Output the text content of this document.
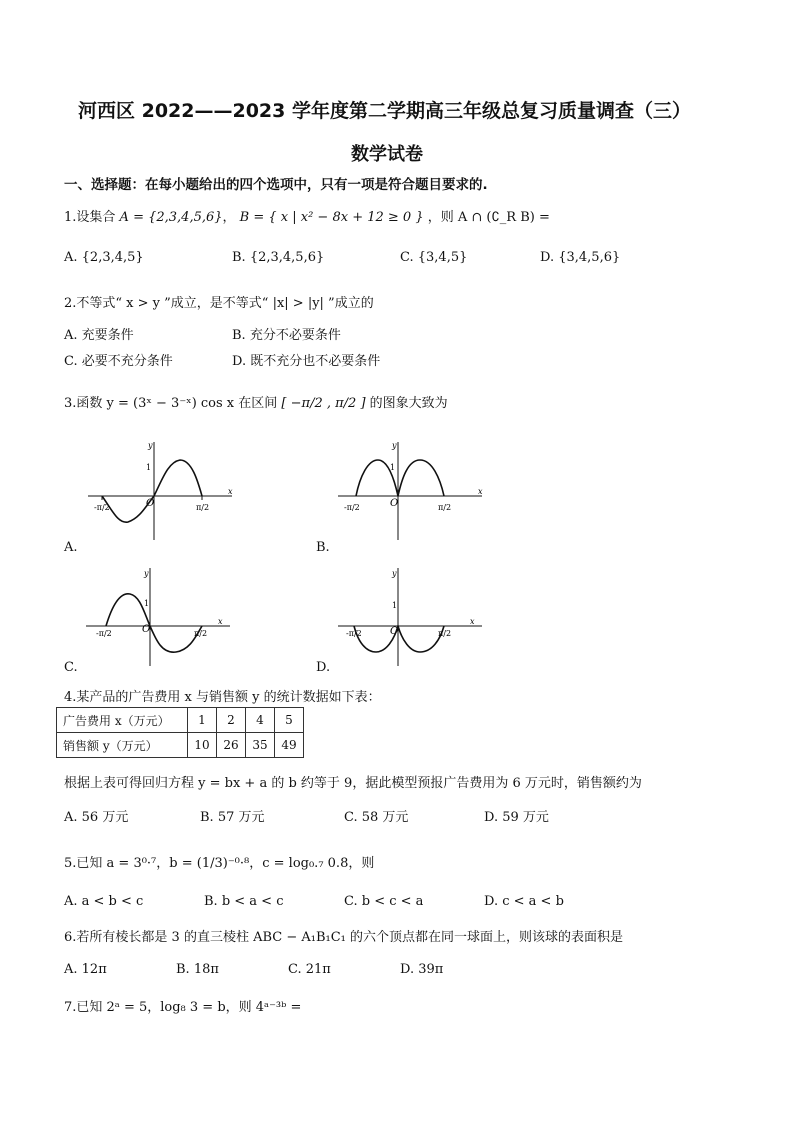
河西区 2022——2023 学年度第二学期高三年级总复习质量调查（三）
数学试卷
一、选择题：在每小题给出的四个选项中，只有一项是符合题目要求的.
1.设集合 A = {2,3,4,5,6}， B = { x | x² − 8x + 12 ≥ 0 } ，则 A ∩ (∁_R B) =
A. {2,3,4,5}	B. {2,3,4,5,6}	C. {3,4,5}	D. {3,4,5,6}
2.不等式“ x > y ”成立，是不等式“ |x| > |y| ”成立的
A. 充要条件	B. 充分不必要条件
C. 必要不充分条件	D. 既不充分也不必要条件
3.函数 y = (3ˣ − 3⁻ˣ) cos x 在区间 [ −π/2 , π/2 ] 的图象大致为
y
x
O
1
-π/2	π/2
A.
y
x
O
1
-π/2	π/2
B.
y
x
O
1
-π/2	π/2
C.
y
x
O
1
-π/2	π/2
D.
4.某产品的广告费用 x 与销售额 y 的统计数据如下表：
广告费用 x（万元）	1	2	4	5
销售额 y（万元）	10	26	35	49
根据上表可得回归方程 y = bx + a 的 b 约等于 9，据此模型预报广告费用为 6 万元时，销售额约为
A. 56 万元	B. 57 万元	C. 58 万元	D. 59 万元
5.已知 a = 3⁰·⁷，b = (1/3)⁻⁰·⁸，c = log₀.₇ 0.8，则
A. a < b < c	B. b < a < c	C. b < c < a	D. c < a < b
6.若所有棱长都是 3 的直三棱柱 ABC − A₁B₁C₁ 的六个顶点都在同一球面上，则该球的表面积是
A. 12π	B. 18π	C. 21π	D. 39π
7.已知 2ᵃ = 5，log₈ 3 = b，则 4ᵃ⁻³ᵇ =
